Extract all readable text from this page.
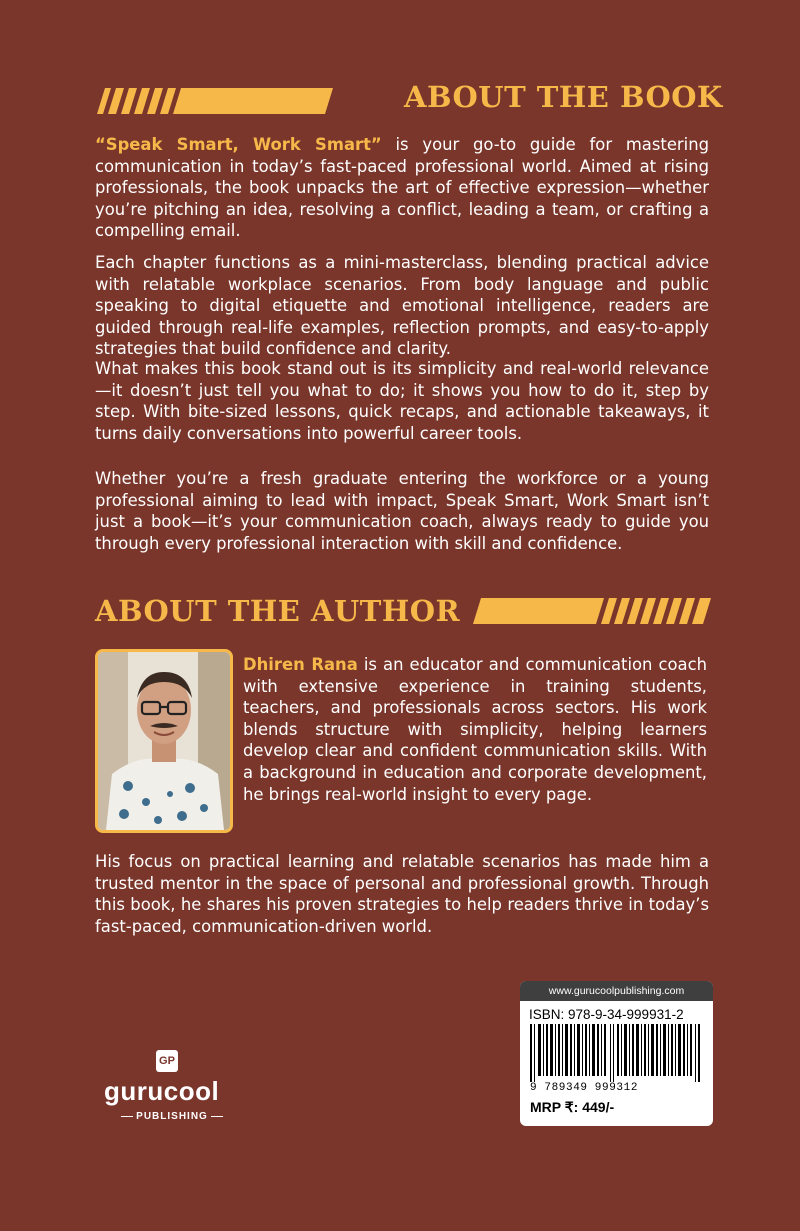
ABOUT THE BOOK

“Speak Smart, Work Smart” is your go-to guide for mastering communication in today’s fast-paced professional world. Aimed at rising professionals, the book unpacks the art of effective expression—whether you’re pitching an idea, resolving a conflict, leading a team, or crafting a compelling email.

Each chapter functions as a mini-masterclass, blending practical advice with relatable workplace scenarios. From body language and public speaking to digital etiquette and emotional intelligence, readers are guided through real-life examples, reflection prompts, and easy-to-apply strategies that build confidence and clarity.

What makes this book stand out is its simplicity and real-world relevance—it doesn’t just tell you what to do; it shows you how to do it, step by step. With bite-sized lessons, quick recaps, and actionable takeaways, it turns daily conversations into powerful career tools.

Whether you’re a fresh graduate entering the workforce or a young professional aiming to lead with impact, Speak Smart, Work Smart isn’t just a book—it’s your communication coach, always ready to guide you through every professional interaction with skill and confidence.

ABOUT THE AUTHOR

Dhiren Rana is an educator and communication coach with extensive experience in training students, teachers, and professionals across sectors. His work blends structure with simplicity, helping learners develop clear and confident communication skills. With a background in education and corporate development, he brings real-world insight to every page.

His focus on practical learning and relatable scenarios has made him a trusted mentor in the space of personal and professional growth. Through this book, he shares his proven strategies to help readers thrive in today’s fast-paced, communication-driven world.

www.gurucoolpublishing.com
ISBN: 978-9-34-999931-2
9 789349 999312
MRP ₹: 449/-
GP
gurucool
PUBLISHING
